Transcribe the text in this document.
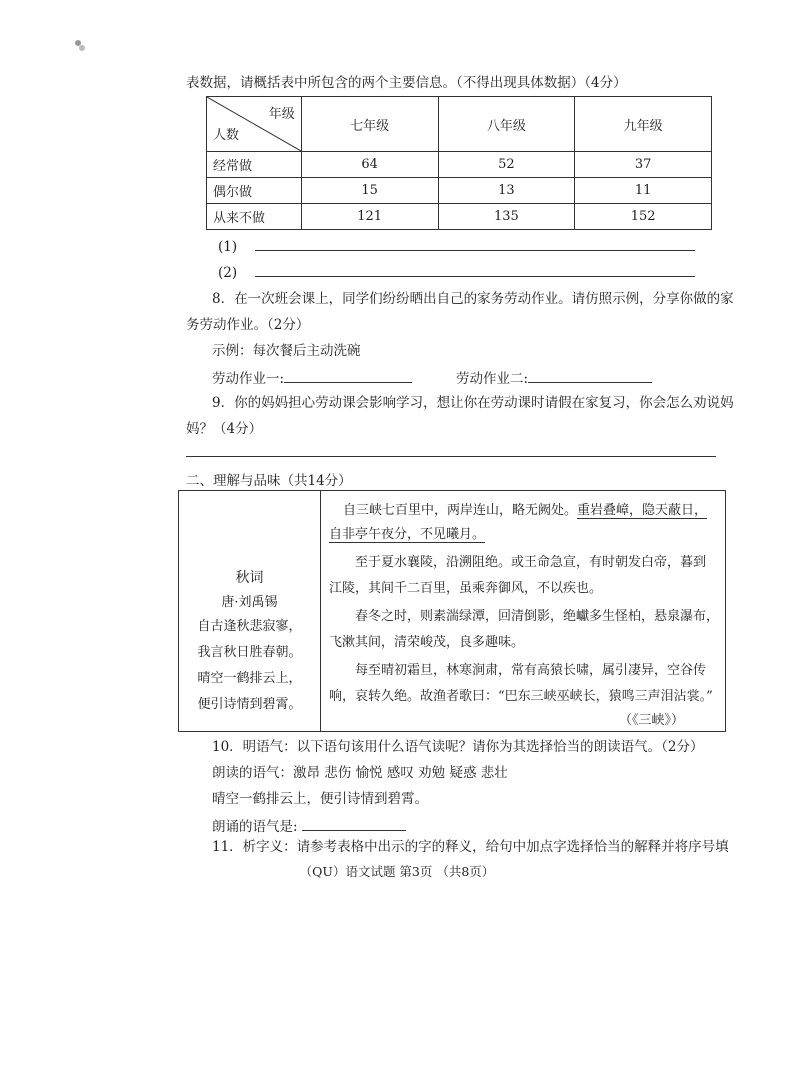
表数据，请概括表中所包含的两个主要信息。（不得出现具体数据）（4分）
年级
人数	七年级	八年级	九年级
经常做	64	52	37
偶尔做	15	13	11
从来不做	121	135	152
(1)
(2)
8．在一次班会课上，同学们纷纷晒出自己的家务劳动作业。请仿照示例，分享你做的家
务劳动作业。（2分）
示例：每次餐后主动洗碗
劳动作业一:	劳动作业二:
9．你的妈妈担心劳动课会影响学习，想让你在劳动课时请假在家复习，你会怎么劝说妈
妈？（4分）
二、理解与品味（共14分）
秋词
唐·刘禹锡
自古逢秋悲寂寥，
我言秋日胜春朝。
晴空一鹤排云上，
便引诗情到碧霄。
自三峡七百里中，两岸连山，略无阙处。重岩叠嶂，隐天蔽日，
自非亭午夜分，不见曦月。
至于夏水襄陵，沿溯阻绝。或王命急宣，有时朝发白帝，暮到
江陵，其间千二百里，虽乘奔御风，不以疾也。
春冬之时，则素湍绿潭，回清倒影，绝巘多生怪柏，悬泉瀑布，
飞漱其间，清荣峻茂，良多趣味。
每至晴初霜旦，林寒涧肃，常有高猿长啸，属引凄异，空谷传
响，哀转久绝。故渔者歌曰：“巴东三峡巫峡长，猿鸣三声泪沾裳。”
（《三峡》）
10．明语气：以下语句该用什么语气读呢？请你为其选择恰当的朗读语气。（2分）
朗读的语气：激昂 悲伤 愉悦 感叹 劝勉 疑惑 悲壮
晴空一鹤排云上，便引诗情到碧霄。
朗诵的语气是:
11．析字义：请参考表格中出示的字的释义，给句中加点字选择恰当的解释并将序号填
（QU）语文试题 第3页 （共8页）
